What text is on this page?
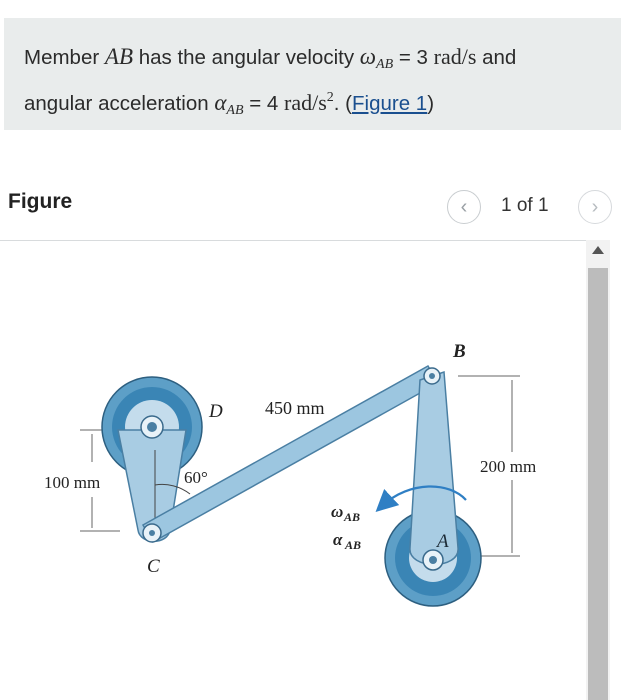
Member AB has the angular velocity $\omega_{AB} = 3$ rad/s and
angular acceleration $\alpha_{AB} = 4$ rad/$s^2$. (Figure 1)
Figure	‹ 1 of 1 ›
100 mm
200 mm
60°
B
D
C
A
450 mm
ω AB
α AB
